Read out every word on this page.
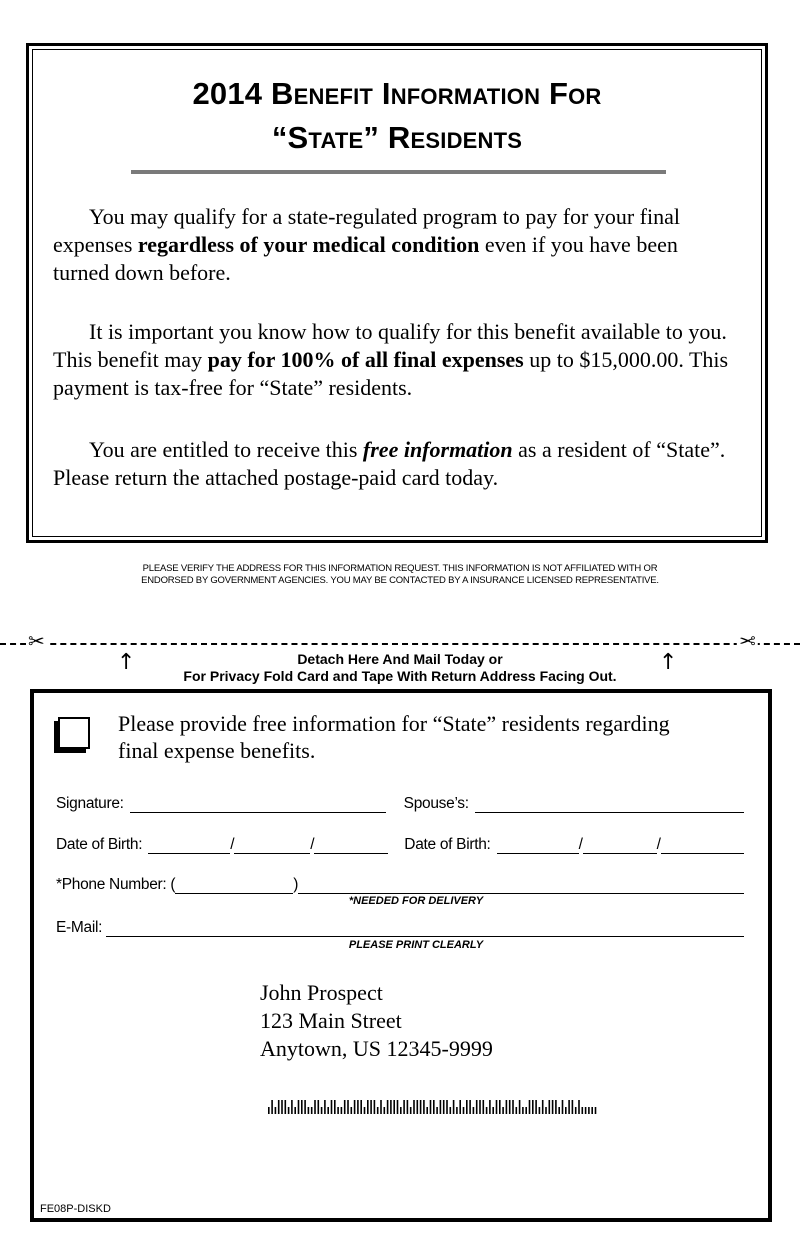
2014 Benefit Information For
“State” Residents
You may qualify for a state-regulated program to pay for your final expenses regardless of your medical condition even if you have been turned down before.
It is important you know how to qualify for this benefit available to you. This benefit may pay for 100% of all final expenses up to $15,000.00. This payment is tax-free for “State” residents.
You are entitled to receive this free information as a resident of “State”. Please return the attached postage-paid card today.
PLEASE VERIFY THE ADDRESS FOR THIS INFORMATION REQUEST. THIS INFORMATION IS NOT AFFILIATED WITH OR
ENDORSED BY GOVERNMENT AGENCIES. YOU MAY BE CONTACTED BY A INSURANCE LICENSED REPRESENTATIVE.
✂	✂
↑	↑
Detach Here And Mail Today or
For Privacy Fold Card and Tape With Return Address Facing Out.
Please provide free information for “State” residents regarding
final expense benefits.
Signature:	Spouse’s:
Date of Birth:	/	/	Date of Birth:	/	/
*Phone Number: (	)
*NEEDED FOR DELIVERY
E-Mail:
PLEASE PRINT CLEARLY
John Prospect
123 Main Street
Anytown, US 12345-9999
FE08P-DISKD
